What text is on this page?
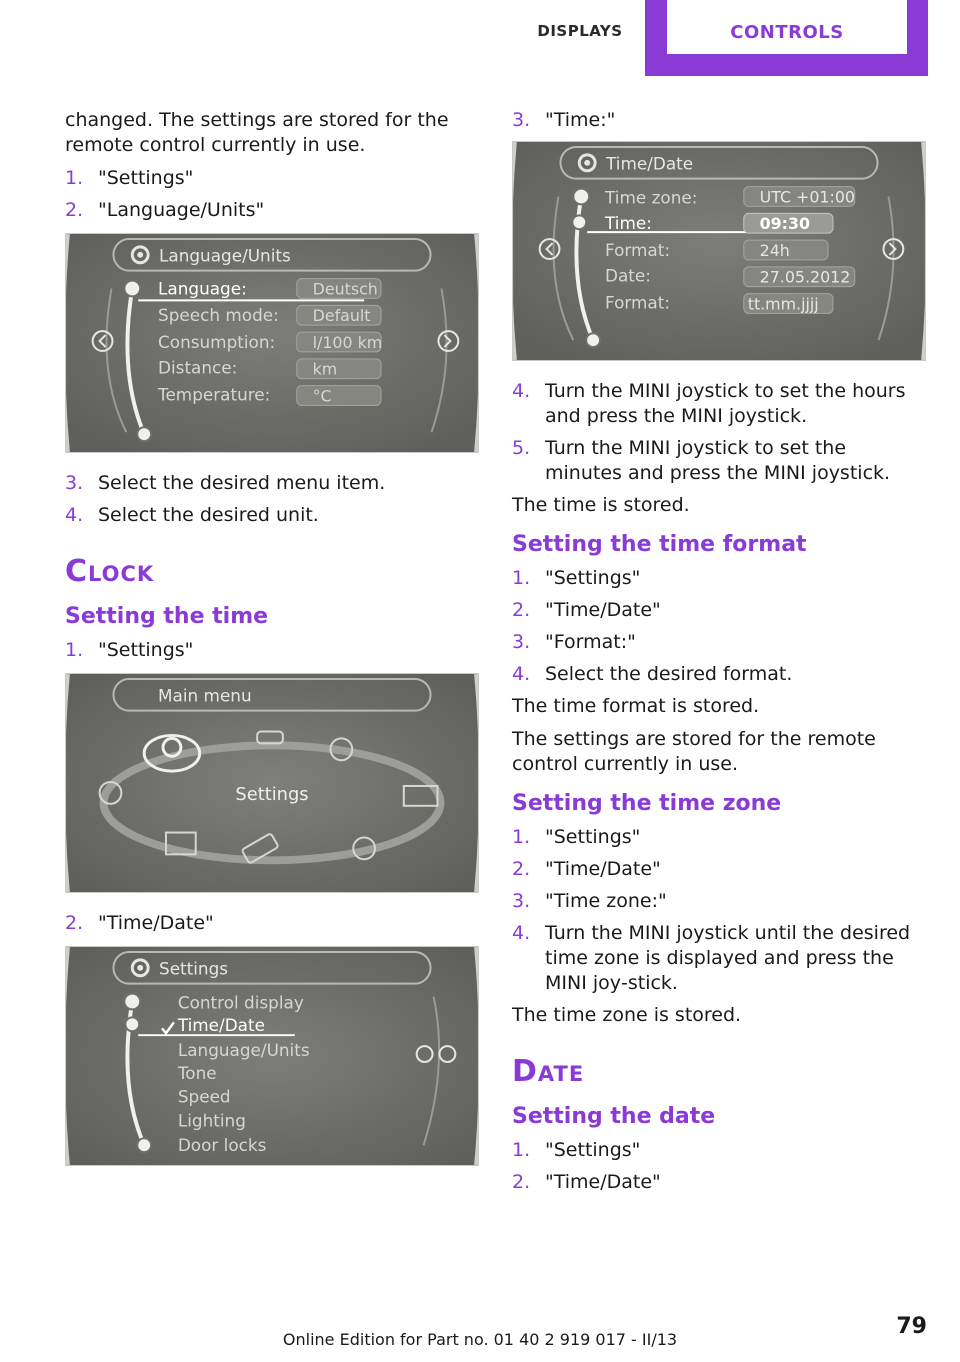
DISPLAYS	CONTROLS

changed. The settings are stored for the remote control currently in use.

1. "Settings"
2. "Language/Units"
Language/Units
Language:
Speech mode:
Consumption:
Distance:
Temperature:
Deutsch
Default
l/100 km
km
°C
3. Select the desired menu item.
4. Select the desired unit.
Clock
Setting the time
1. "Settings"
Main menu
Settings
2. "Time/Date"
Settings
Control display
Time/Date
Language/Units
Tone
Speed
Lighting
Door locks
3. "Time:"
Time/Date
Time zone:
Time:
Format:
Date:
Format:
UTC +01:00
09:30
24h
27.05.2012
tt.mm.jjjj
4. Turn the MINI joystick to set the hours and press the MINI joystick.
5. Turn the MINI joystick to set the minutes and press the MINI joystick.

The time is stored.

Setting the time format
1. "Settings"
2. "Time/Date"
3. "Format:"
4. Select the desired format.

The time format is stored.

The settings are stored for the remote control currently in use.

Setting the time zone
1. "Settings"
2. "Time/Date"
3. "Time zone:"
4. Turn the MINI joystick until the desired time zone is displayed and press the MINI joy‐stick.

The time zone is stored.

Date
Setting the date
1. "Settings"
2. "Time/Date"
79
Online Edition for Part no. 01 40 2 919 017 - II/13
